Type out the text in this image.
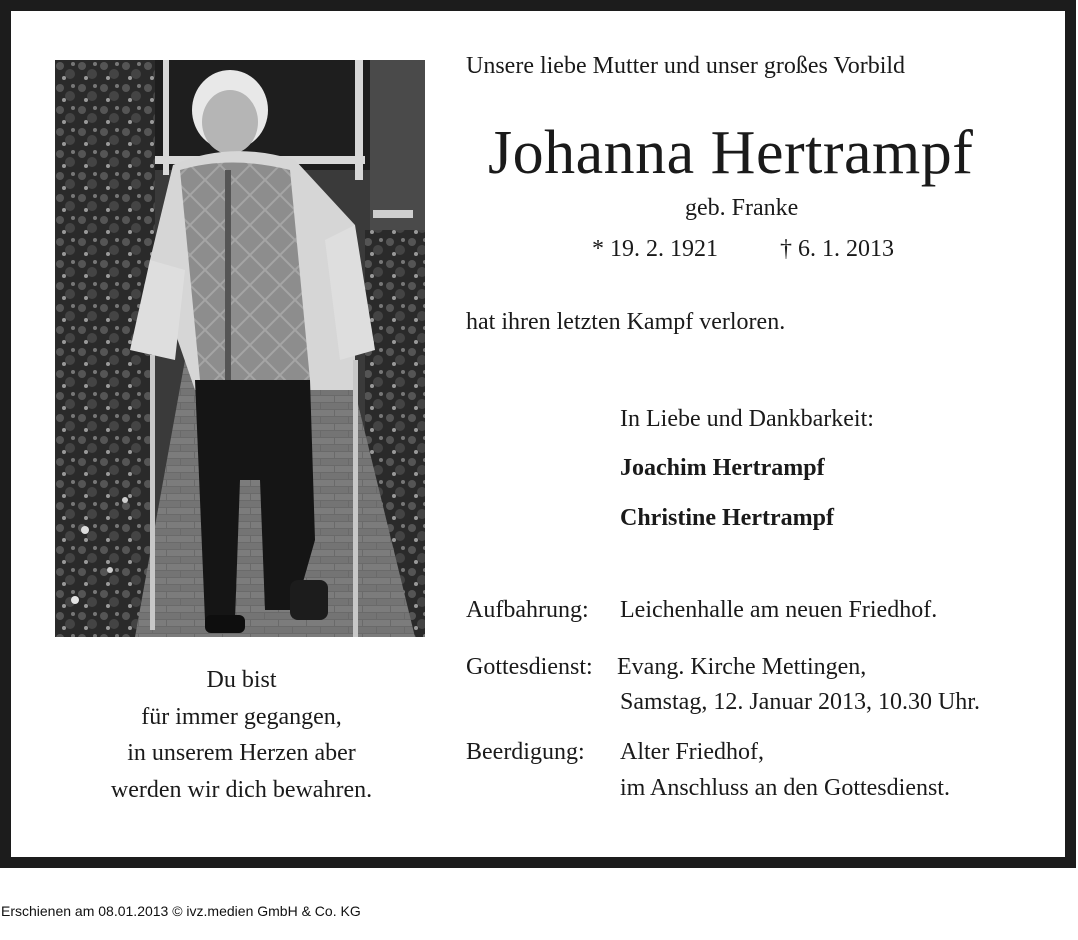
Du bist
für immer gegangen,
in unserem Herzen aber
werden wir dich bewahren.
Unsere liebe Mutter und unser großes Vorbild
Johanna Hertrampf
geb. Franke
* 19. 2. 1921	† 6. 1. 2013
hat ihren letzten Kampf verloren.
In Liebe und Dankbarkeit:
Joachim Hertrampf
Christine Hertrampf
Aufbahrung: Leichenhalle am neuen Friedhof.
Gottesdienst: Evang. Kirche Mettingen,
Samstag, 12. Januar 2013, 10.30 Uhr.
Beerdigung: Alter Friedhof,
im Anschluss an den Gottesdienst.
Erschienen am 08.01.2013 © ivz.medien GmbH & Co. KG
